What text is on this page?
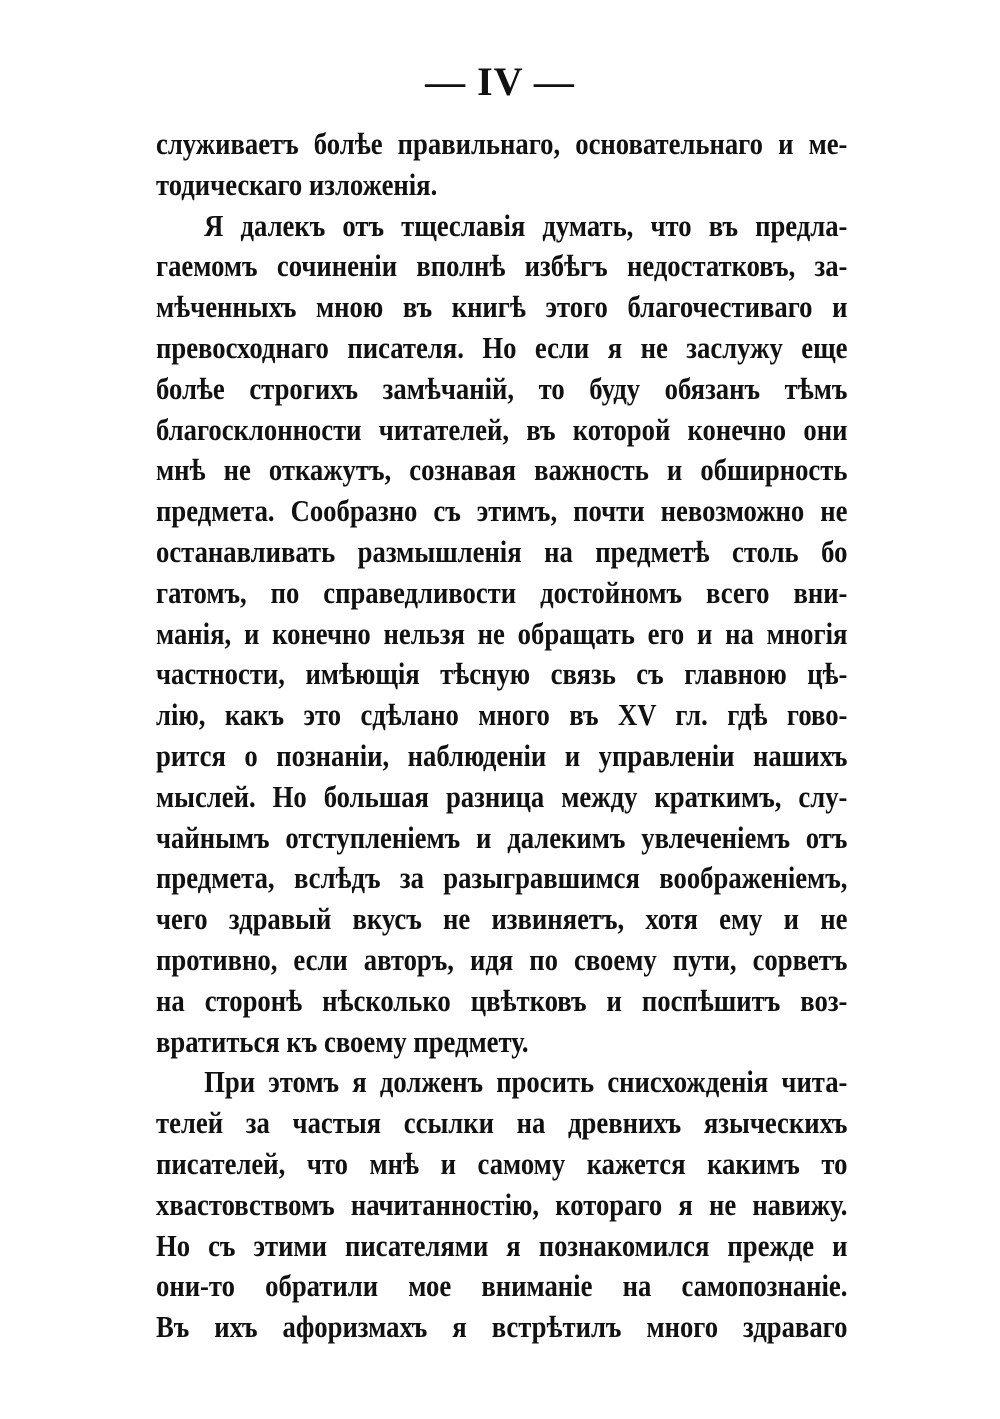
— IV —
служиваетъ болѣе правильнаго, основательнаго и ме-
тодическаго изложенія.
Я далекъ отъ тщеславія думать, что въ предла-
гаемомъ сочиненіи вполнѣ избѣгъ недостатковъ, за-
мѣченныхъ мною въ книгѣ этого благочестиваго и
превосходнаго писателя. Но если я не заслужу еще
болѣе строгихъ замѣчаній, то буду обязанъ тѣмъ
благосклонности читателей, въ которой конечно они
мнѣ не откажутъ, сознавая важность и обширность
предмета. Сообразно съ этимъ, почти невозможно не
останавливать размышленія на предметѣ столь бо
гатомъ, по справедливости достойномъ всего вни-
манія, и конечно нельзя не обращать его и на многія
частности, имѣющія тѣсную связь съ главною цѣ-
лію, какъ это сдѣлано много въ XV гл. гдѣ гово-
рится о познаніи, наблюденіи и управленіи нашихъ
мыслей. Но большая разница между краткимъ, слу-
чайнымъ отступленіемъ и далекимъ увлеченіемъ отъ
предмета, вслѣдъ за разыгравшимся воображеніемъ,
чего здравый вкусъ не извиняетъ, хотя ему и не
противно, если авторъ, идя по своему пути, сорветъ
на сторонѣ нѣсколько цвѣтковъ и поспѣшитъ воз-
вратиться къ своему предмету.
При этомъ я долженъ просить снисхожденія чита-
телей за частыя ссылки на древнихъ языческихъ
писателей, что мнѣ и самому кажется какимъ то
хвастовствомъ начитанностію, котораго я не навижу.
Но съ этими писателями я познакомился прежде и
они-то обратили мое вниманіе на самопознаніе.
Въ ихъ афоризмахъ я встрѣтилъ много здраваго
